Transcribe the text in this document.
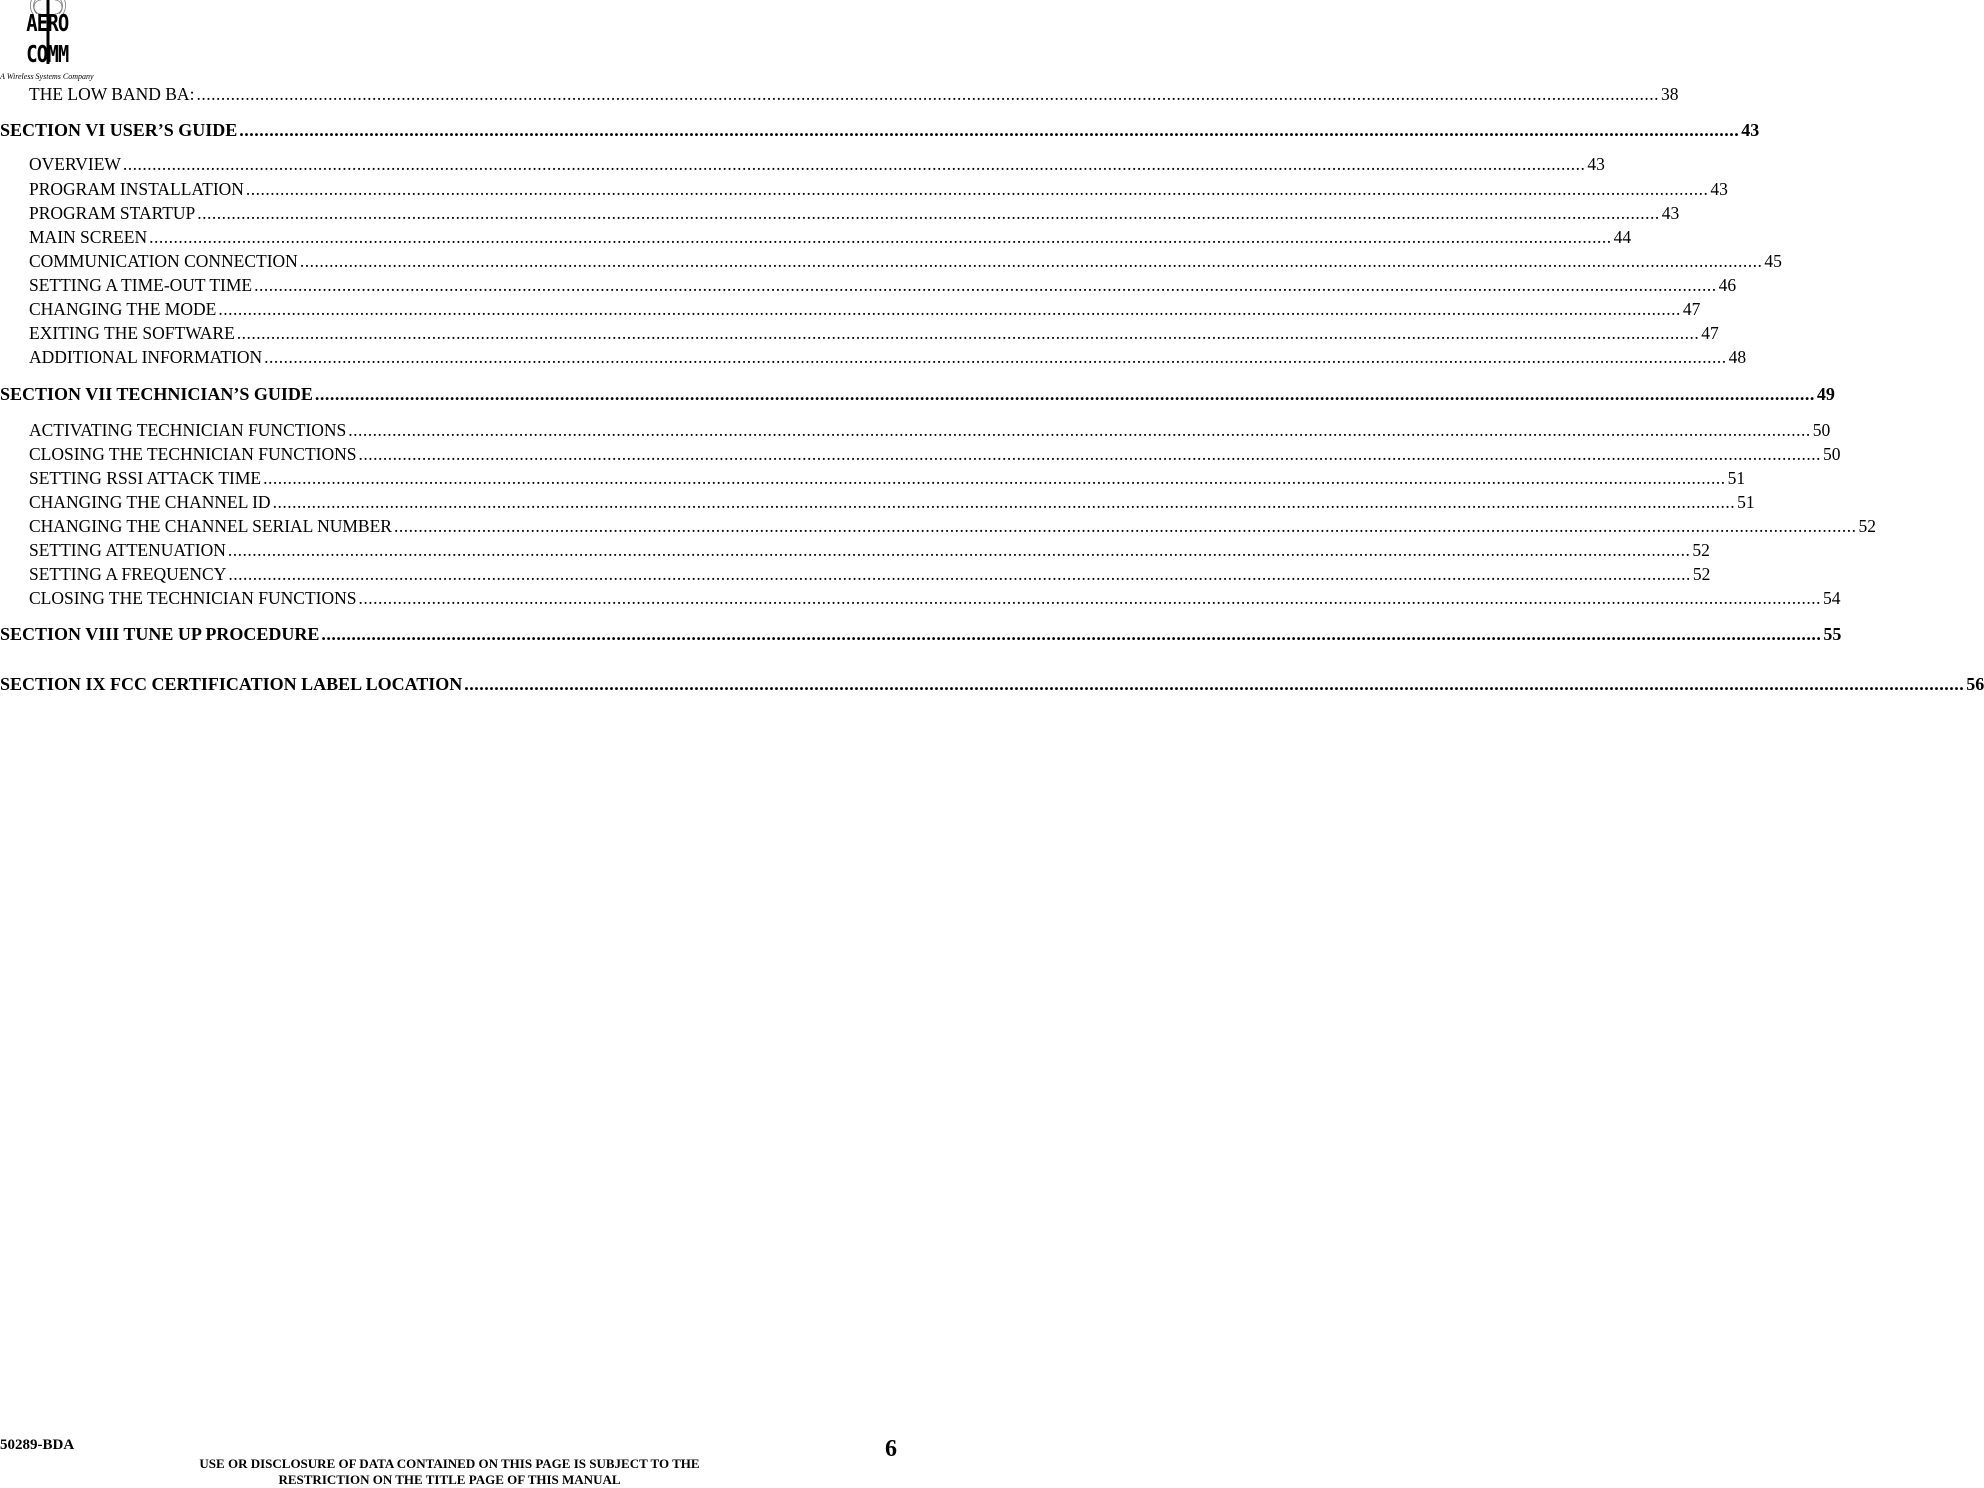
AERO
COMM
A Wireless Systems Company
THE LOW BAND BA: ............................................................................................................................................................................................................................................................................................................ 38
SECTION VI USER’S GUIDE ............................................................................................................................................................................................................................................................................................................ 43
OVERVIEW ............................................................................................................................................................................................................................................................................................................ 43
PROGRAM INSTALLATION ............................................................................................................................................................................................................................................................................................................ 43
PROGRAM STARTUP ............................................................................................................................................................................................................................................................................................................ 43
MAIN SCREEN ............................................................................................................................................................................................................................................................................................................ 44
COMMUNICATION CONNECTION ............................................................................................................................................................................................................................................................................................................ 45
SETTING A TIME-OUT TIME ............................................................................................................................................................................................................................................................................................................ 46
CHANGING THE MODE ............................................................................................................................................................................................................................................................................................................ 47
EXITING THE SOFTWARE ............................................................................................................................................................................................................................................................................................................ 47
ADDITIONAL INFORMATION ............................................................................................................................................................................................................................................................................................................ 48
SECTION VII TECHNICIAN’S GUIDE ............................................................................................................................................................................................................................................................................................................ 49
ACTIVATING TECHNICIAN FUNCTIONS ............................................................................................................................................................................................................................................................................................................ 50
CLOSING THE TECHNICIAN FUNCTIONS ............................................................................................................................................................................................................................................................................................................ 50
SETTING RSSI ATTACK TIME ............................................................................................................................................................................................................................................................................................................ 51
CHANGING THE CHANNEL ID ............................................................................................................................................................................................................................................................................................................ 51
CHANGING THE CHANNEL SERIAL NUMBER ............................................................................................................................................................................................................................................................................................................ 52
SETTING ATTENUATION ............................................................................................................................................................................................................................................................................................................ 52
SETTING A FREQUENCY ............................................................................................................................................................................................................................................................................................................ 52
CLOSING THE TECHNICIAN FUNCTIONS ............................................................................................................................................................................................................................................................................................................ 54
SECTION VIII TUNE UP PROCEDURE ............................................................................................................................................................................................................................................................................................................ 55
SECTION IX FCC CERTIFICATION LABEL LOCATION ............................................................................................................................................................................................................................................................................................................ 56
50289-BDA
USE OR DISCLOSURE OF DATA CONTAINED ON THIS PAGE IS SUBJECT TO THE
RESTRICTION ON THE TITLE PAGE OF THIS MANUAL
6
